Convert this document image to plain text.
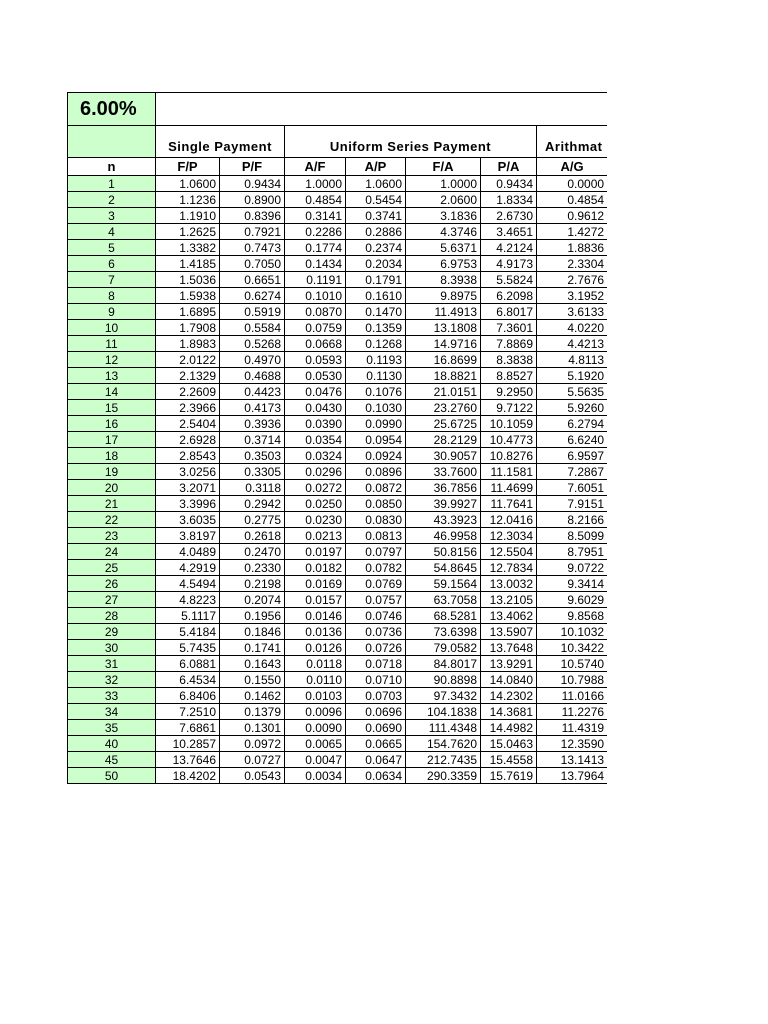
6.00%							
	Single Payment		Uniform Series Payment				Arithmat
n	F/P	P/F	A/F	A/P	F/A	P/A	A/G
1	1.0600	0.9434	1.0000	1.0600	1.0000	0.9434	0.0000
2	1.1236	0.8900	0.4854	0.5454	2.0600	1.8334	0.4854
3	1.1910	0.8396	0.3141	0.3741	3.1836	2.6730	0.9612
4	1.2625	0.7921	0.2286	0.2886	4.3746	3.4651	1.4272
5	1.3382	0.7473	0.1774	0.2374	5.6371	4.2124	1.8836
6	1.4185	0.7050	0.1434	0.2034	6.9753	4.9173	2.3304
7	1.5036	0.6651	0.1191	0.1791	8.3938	5.5824	2.7676
8	1.5938	0.6274	0.1010	0.1610	9.8975	6.2098	3.1952
9	1.6895	0.5919	0.0870	0.1470	11.4913	6.8017	3.6133
10	1.7908	0.5584	0.0759	0.1359	13.1808	7.3601	4.0220
11	1.8983	0.5268	0.0668	0.1268	14.9716	7.8869	4.4213
12	2.0122	0.4970	0.0593	0.1193	16.8699	8.3838	4.8113
13	2.1329	0.4688	0.0530	0.1130	18.8821	8.8527	5.1920
14	2.2609	0.4423	0.0476	0.1076	21.0151	9.2950	5.5635
15	2.3966	0.4173	0.0430	0.1030	23.2760	9.7122	5.9260
16	2.5404	0.3936	0.0390	0.0990	25.6725	10.1059	6.2794
17	2.6928	0.3714	0.0354	0.0954	28.2129	10.4773	6.6240
18	2.8543	0.3503	0.0324	0.0924	30.9057	10.8276	6.9597
19	3.0256	0.3305	0.0296	0.0896	33.7600	11.1581	7.2867
20	3.2071	0.3118	0.0272	0.0872	36.7856	11.4699	7.6051
21	3.3996	0.2942	0.0250	0.0850	39.9927	11.7641	7.9151
22	3.6035	0.2775	0.0230	0.0830	43.3923	12.0416	8.2166
23	3.8197	0.2618	0.0213	0.0813	46.9958	12.3034	8.5099
24	4.0489	0.2470	0.0197	0.0797	50.8156	12.5504	8.7951
25	4.2919	0.2330	0.0182	0.0782	54.8645	12.7834	9.0722
26	4.5494	0.2198	0.0169	0.0769	59.1564	13.0032	9.3414
27	4.8223	0.2074	0.0157	0.0757	63.7058	13.2105	9.6029
28	5.1117	0.1956	0.0146	0.0746	68.5281	13.4062	9.8568
29	5.4184	0.1846	0.0136	0.0736	73.6398	13.5907	10.1032
30	5.7435	0.1741	0.0126	0.0726	79.0582	13.7648	10.3422
31	6.0881	0.1643	0.0118	0.0718	84.8017	13.9291	10.5740
32	6.4534	0.1550	0.0110	0.0710	90.8898	14.0840	10.7988
33	6.8406	0.1462	0.0103	0.0703	97.3432	14.2302	11.0166
34	7.2510	0.1379	0.0096	0.0696	104.1838	14.3681	11.2276
35	7.6861	0.1301	0.0090	0.0690	111.4348	14.4982	11.4319
40	10.2857	0.0972	0.0065	0.0665	154.7620	15.0463	12.3590
45	13.7646	0.0727	0.0047	0.0647	212.7435	15.4558	13.1413
50	18.4202	0.0543	0.0034	0.0634	290.3359	15.7619	13.7964
